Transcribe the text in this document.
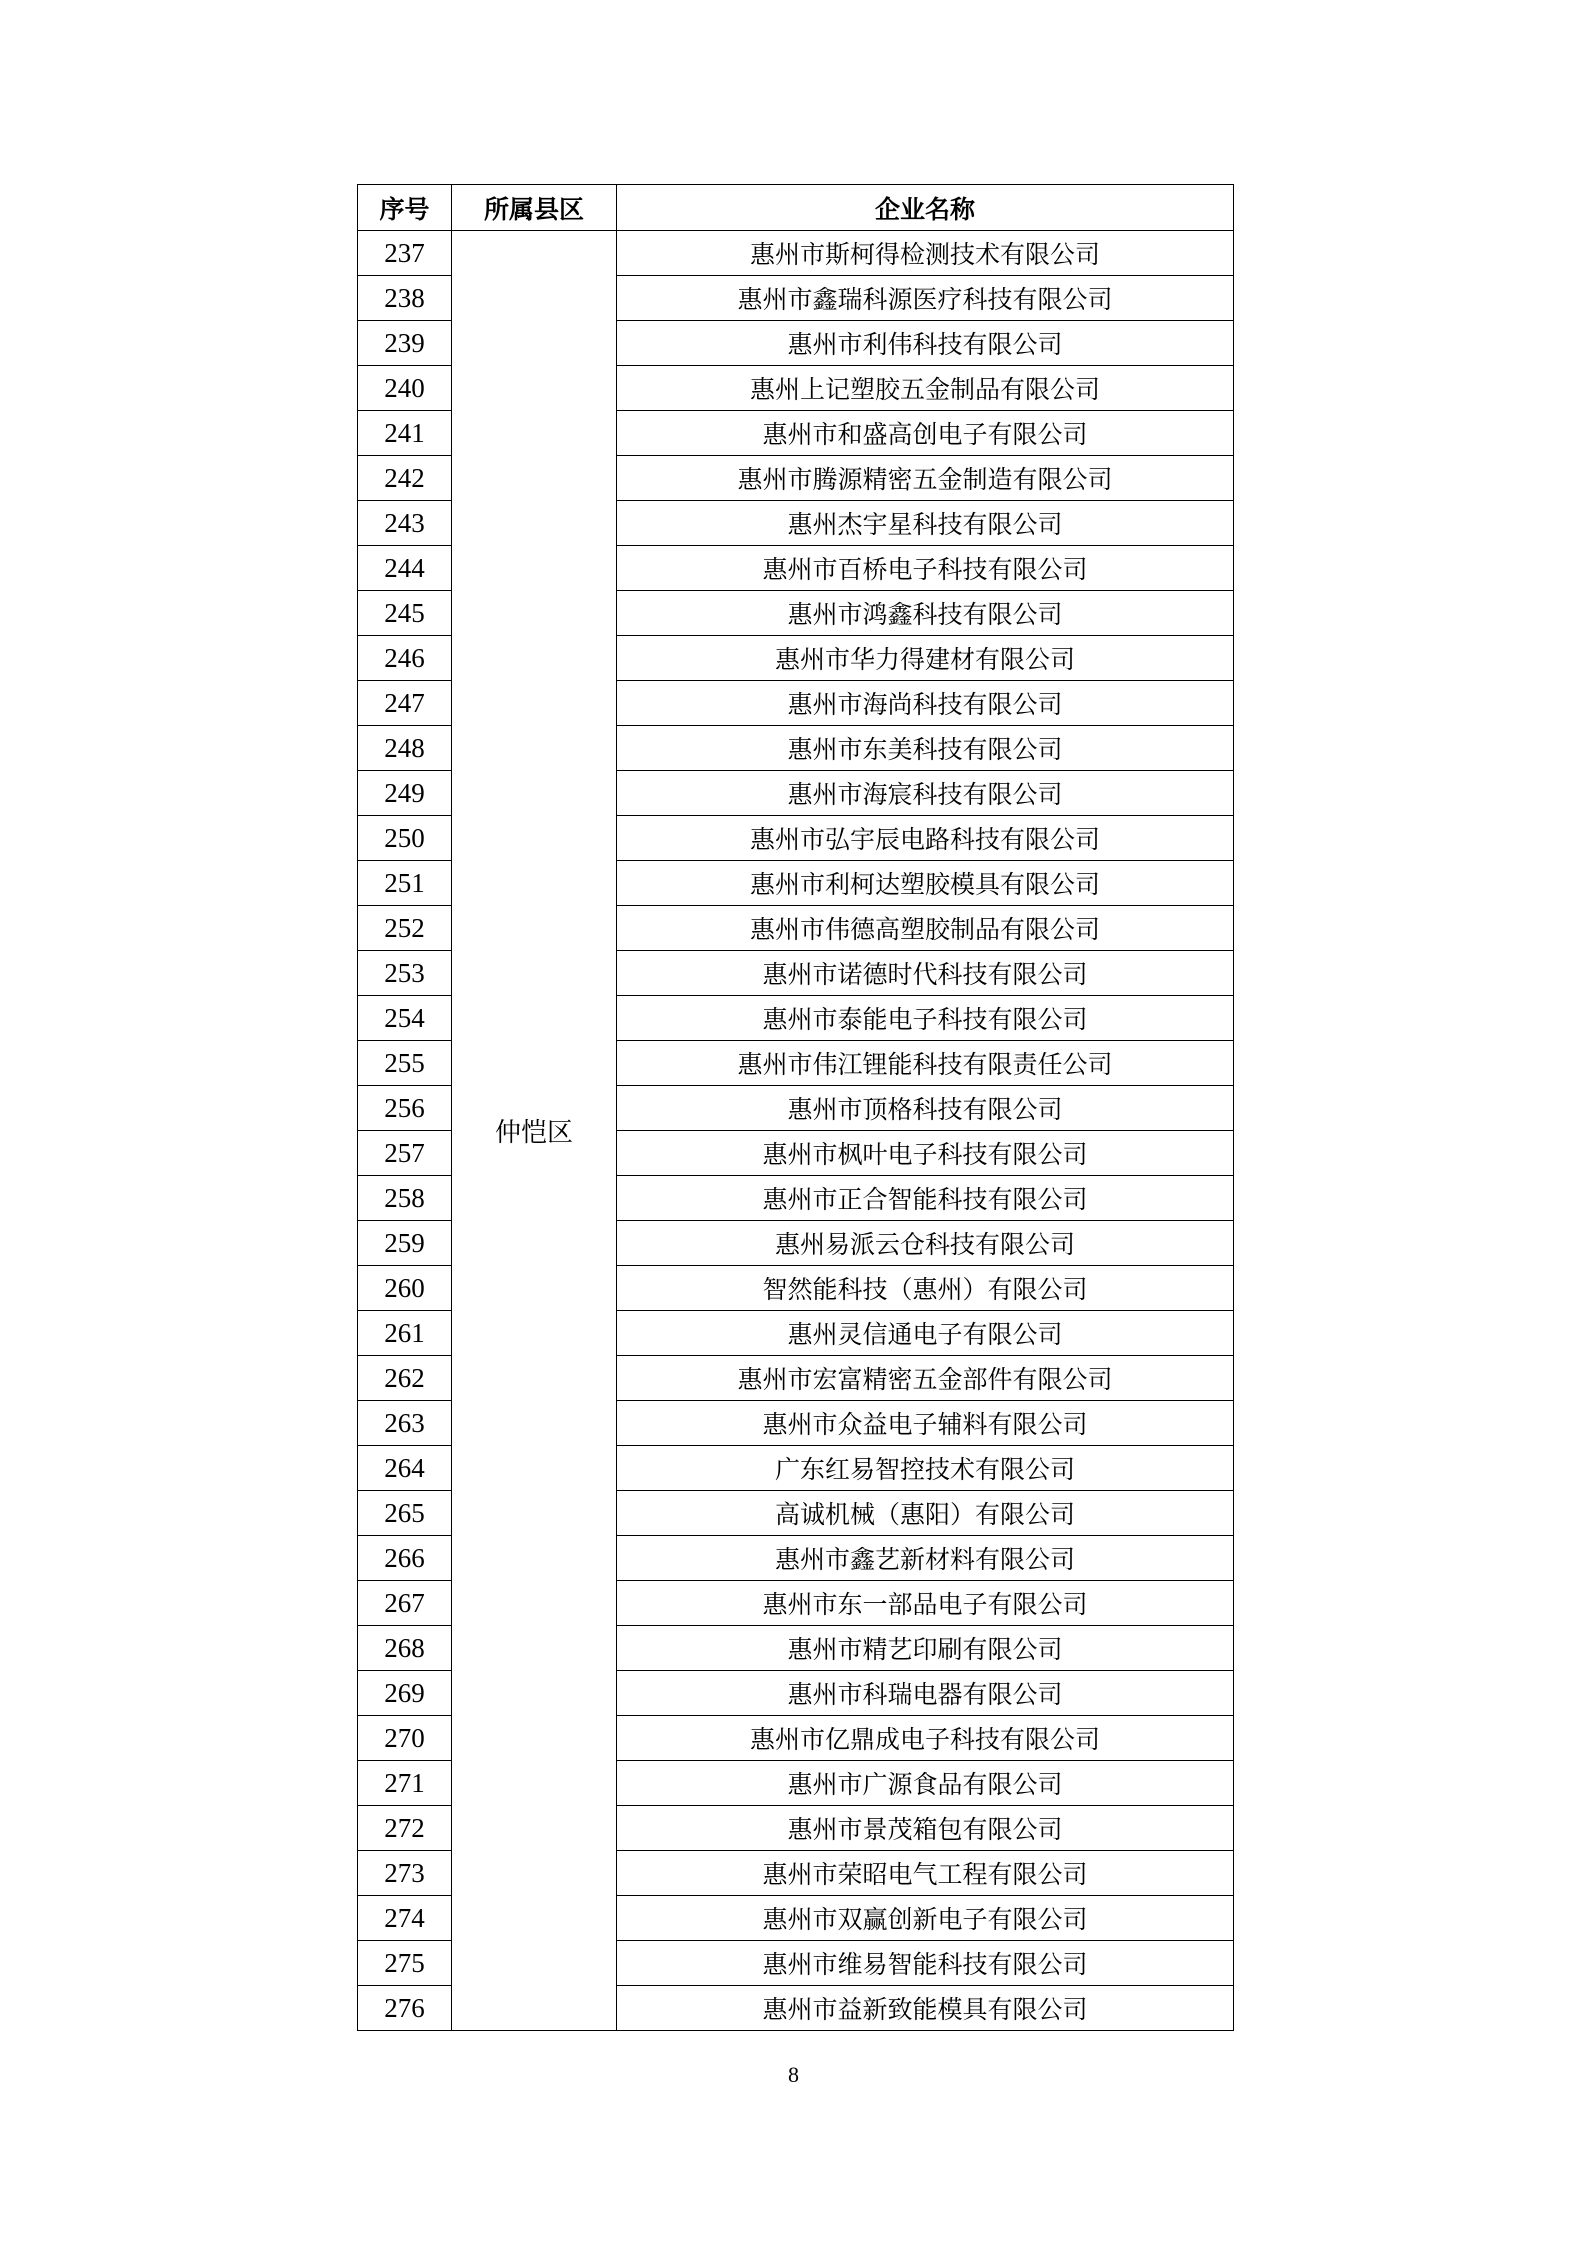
序号	所属县区	企业名称
237	仲恺区	惠州市斯柯得检测技术有限公司
238		惠州市鑫瑞科源医疗科技有限公司
239		惠州市利伟科技有限公司
240		惠州上记塑胶五金制品有限公司
241		惠州市和盛高创电子有限公司
242		惠州市腾源精密五金制造有限公司
243		惠州杰宇星科技有限公司
244		惠州市百桥电子科技有限公司
245		惠州市鸿鑫科技有限公司
246		惠州市华力得建材有限公司
247		惠州市海尚科技有限公司
248		惠州市东美科技有限公司
249		惠州市海宸科技有限公司
250		惠州市弘宇辰电路科技有限公司
251		惠州市利柯达塑胶模具有限公司
252		惠州市伟德高塑胶制品有限公司
253		惠州市诺德时代科技有限公司
254		惠州市泰能电子科技有限公司
255		惠州市伟江锂能科技有限责任公司
256		惠州市顶格科技有限公司
257		惠州市枫叶电子科技有限公司
258		惠州市正合智能科技有限公司
259		惠州易派云仓科技有限公司
260		智然能科技（惠州）有限公司
261		惠州灵信通电子有限公司
262		惠州市宏富精密五金部件有限公司
263		惠州市众益电子辅料有限公司
264		广东红易智控技术有限公司
265		高诚机械（惠阳）有限公司
266		惠州市鑫艺新材料有限公司
267		惠州市东一部品电子有限公司
268		惠州市精艺印刷有限公司
269		惠州市科瑞电器有限公司
270		惠州市亿鼎成电子科技有限公司
271		惠州市广源食品有限公司
272		惠州市景茂箱包有限公司
273		惠州市荣昭电气工程有限公司
274		惠州市双赢创新电子有限公司
275		惠州市维易智能科技有限公司
276		惠州市益新致能模具有限公司
8
